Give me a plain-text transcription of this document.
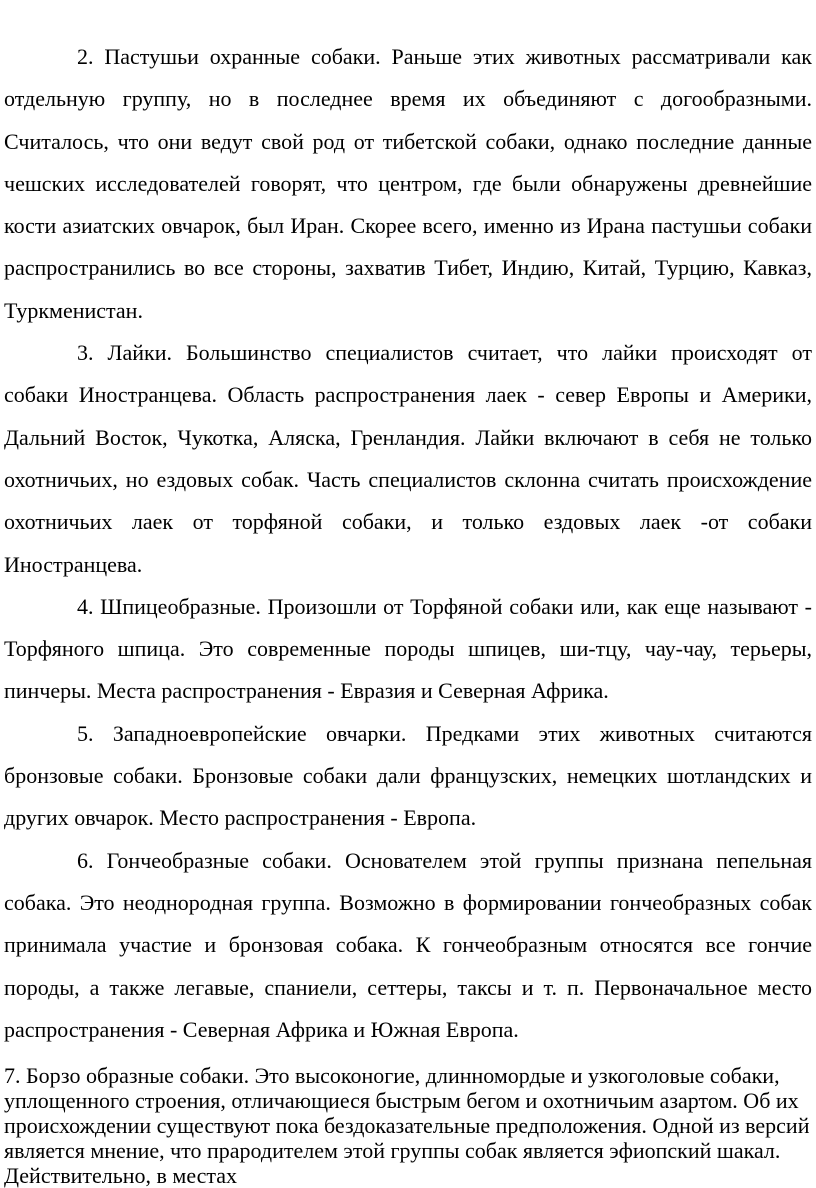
2. Пастушьи охранные собаки. Раньше этих животных рассматривали как отдельную группу, но в последнее время их объединяют с догообразными. Считалось, что они ведут свой род от тибетской собаки, однако последние данные чешских исследователей говорят, что центром, где были обнаружены древнейшие кости азиатских овчарок, был Иран. Скорее всего, именно из Ирана пастушьи собаки распространились во все стороны, захватив Тибет, Индию, Китай, Турцию, Кавказ, Туркменистан.

3. Лайки. Большинство специалистов считает, что лайки происходят от собаки Иностранцева. Область распространения лаек - север Европы и Америки, Дальний Восток, Чукотка, Аляска, Гренландия. Лайки включают в себя не только охотничьих, но ездовых собак. Часть специалистов склонна считать происхождение охотничьих лаек от торфяной собаки, и только ездовых лаек -от собаки Иностранцева.

4. Шпицеобразные. Произошли от Торфяной собаки или, как еще называют - Торфяного шпица. Это современные породы шпицев, ши-тцу, чау-чау, терьеры, пинчеры. Места распространения - Евразия и Северная Африка.

5. Западноевропейские овчарки. Предками этих животных считаются бронзовые собаки. Бронзовые собаки дали французских, немецких шотландских и других овчарок. Место распространения - Европа.

6. Гончеобразные собаки. Основателем этой группы признана пепельная собака. Это неоднородная группа. Возможно в формировании гончеобразных собак принимала участие и бронзовая собака. К гончеобразным относятся все гончие породы, а также легавые, спаниели, сеттеры, таксы и т. п. Первоначальное место распространения - Северная Африка и Южная Европа.

7. Борзо образные собаки. Это высоконогие, длинномордые и узкоголовые собаки, уплощенного строения, отличающиеся быстрым бегом и охотничьим азартом. Об их происхождении существуют пока бездоказательные предположения. Одной из версий является мнение, что прародителем этой группы собак является эфиопский шакал. Действительно, в местах
